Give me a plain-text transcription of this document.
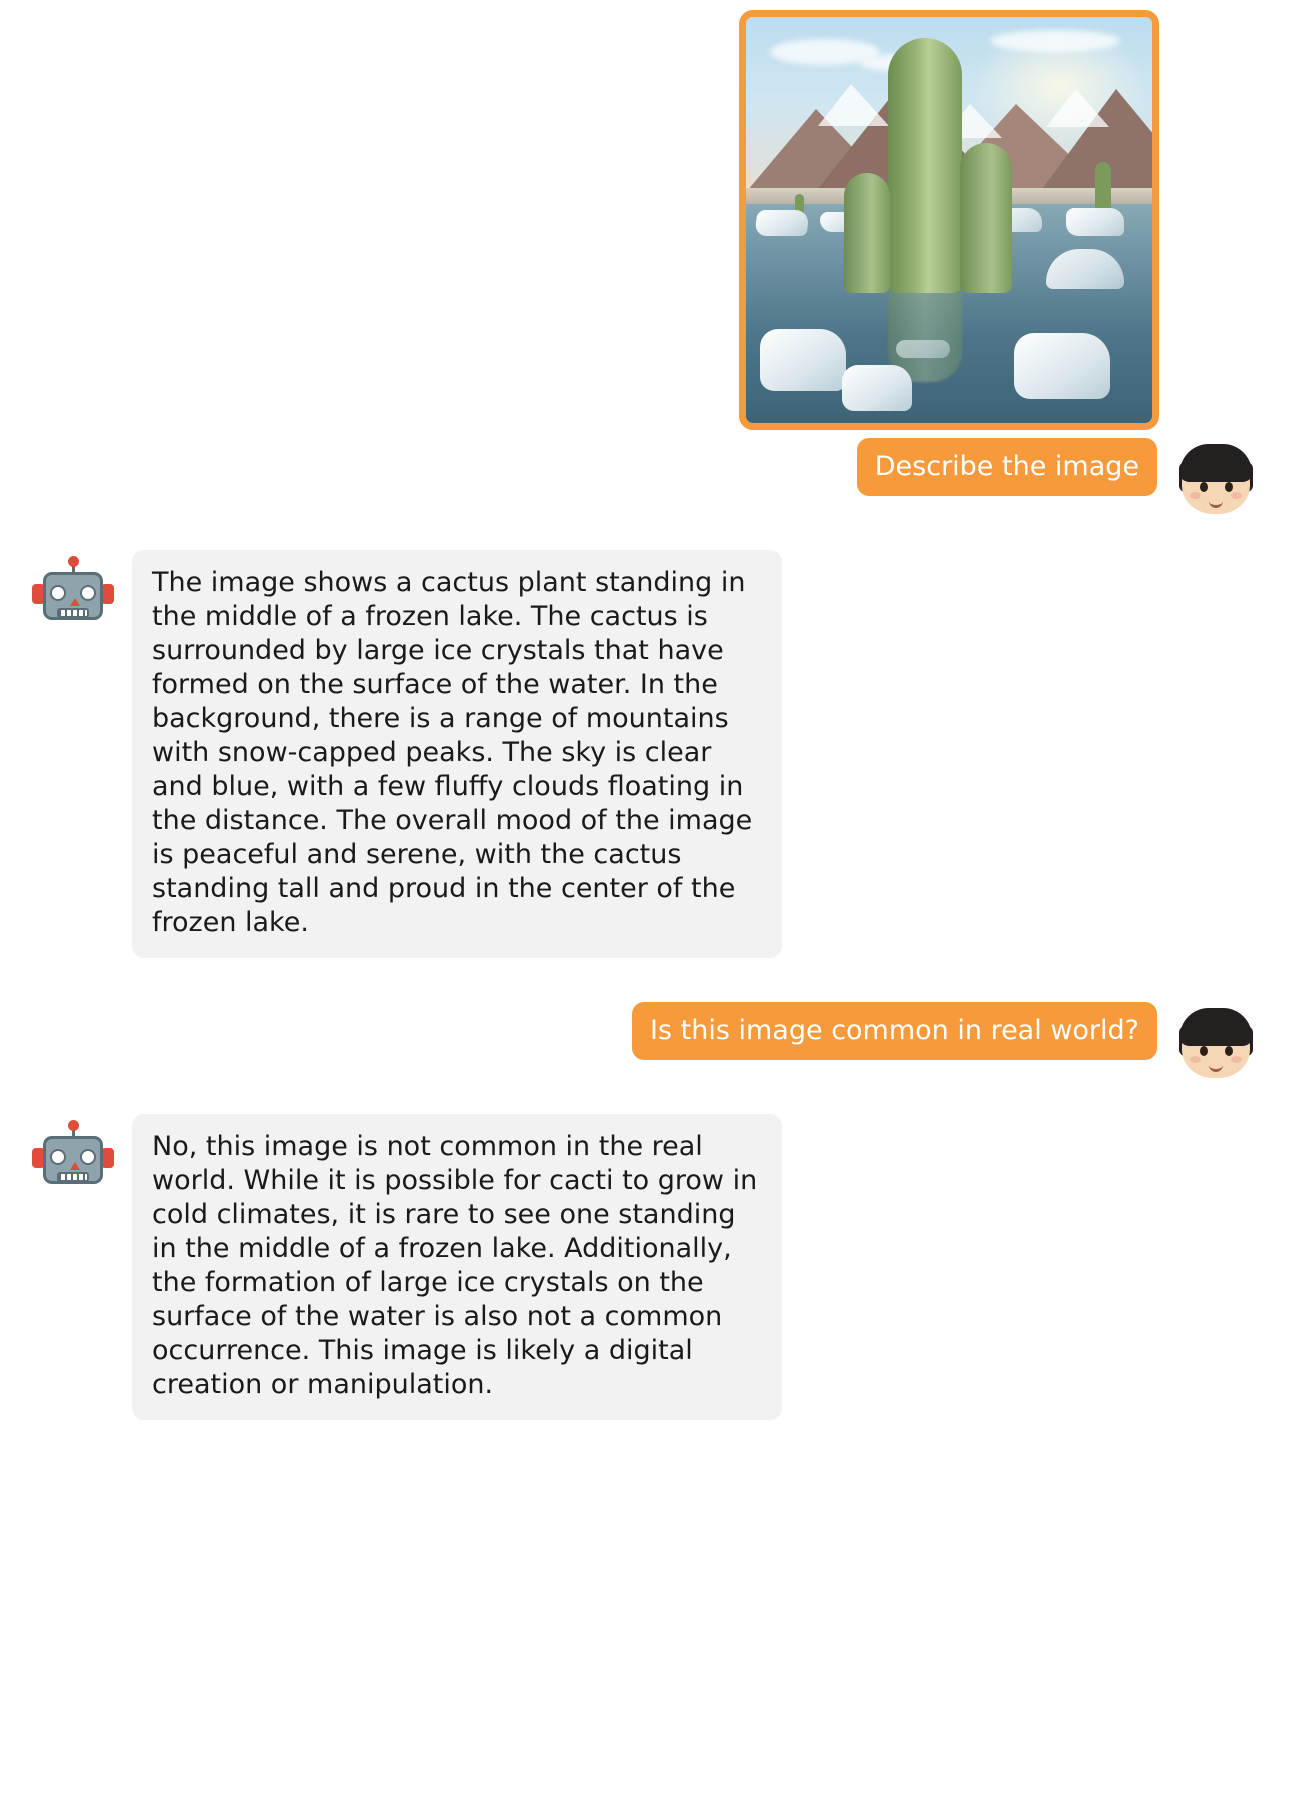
Describe the image
The image shows a cactus plant standing in the middle of a frozen lake. The cactus is surrounded by large ice crystals that have formed on the surface of the water. In the background, there is a range of mountains with snow-capped peaks. The sky is clear and blue, with a few fluffy clouds floating in the distance. The overall mood of the image is peaceful and serene, with the cactus standing tall and proud in the center of the frozen lake.
Is this image common in real world?
No, this image is not common in the real world. While it is possible for cacti to grow in cold climates, it is rare to see one standing in the middle of a frozen lake. Additionally, the formation of large ice crystals on the surface of the water is also not a common occurrence. This image is likely a digital creation or manipulation.
